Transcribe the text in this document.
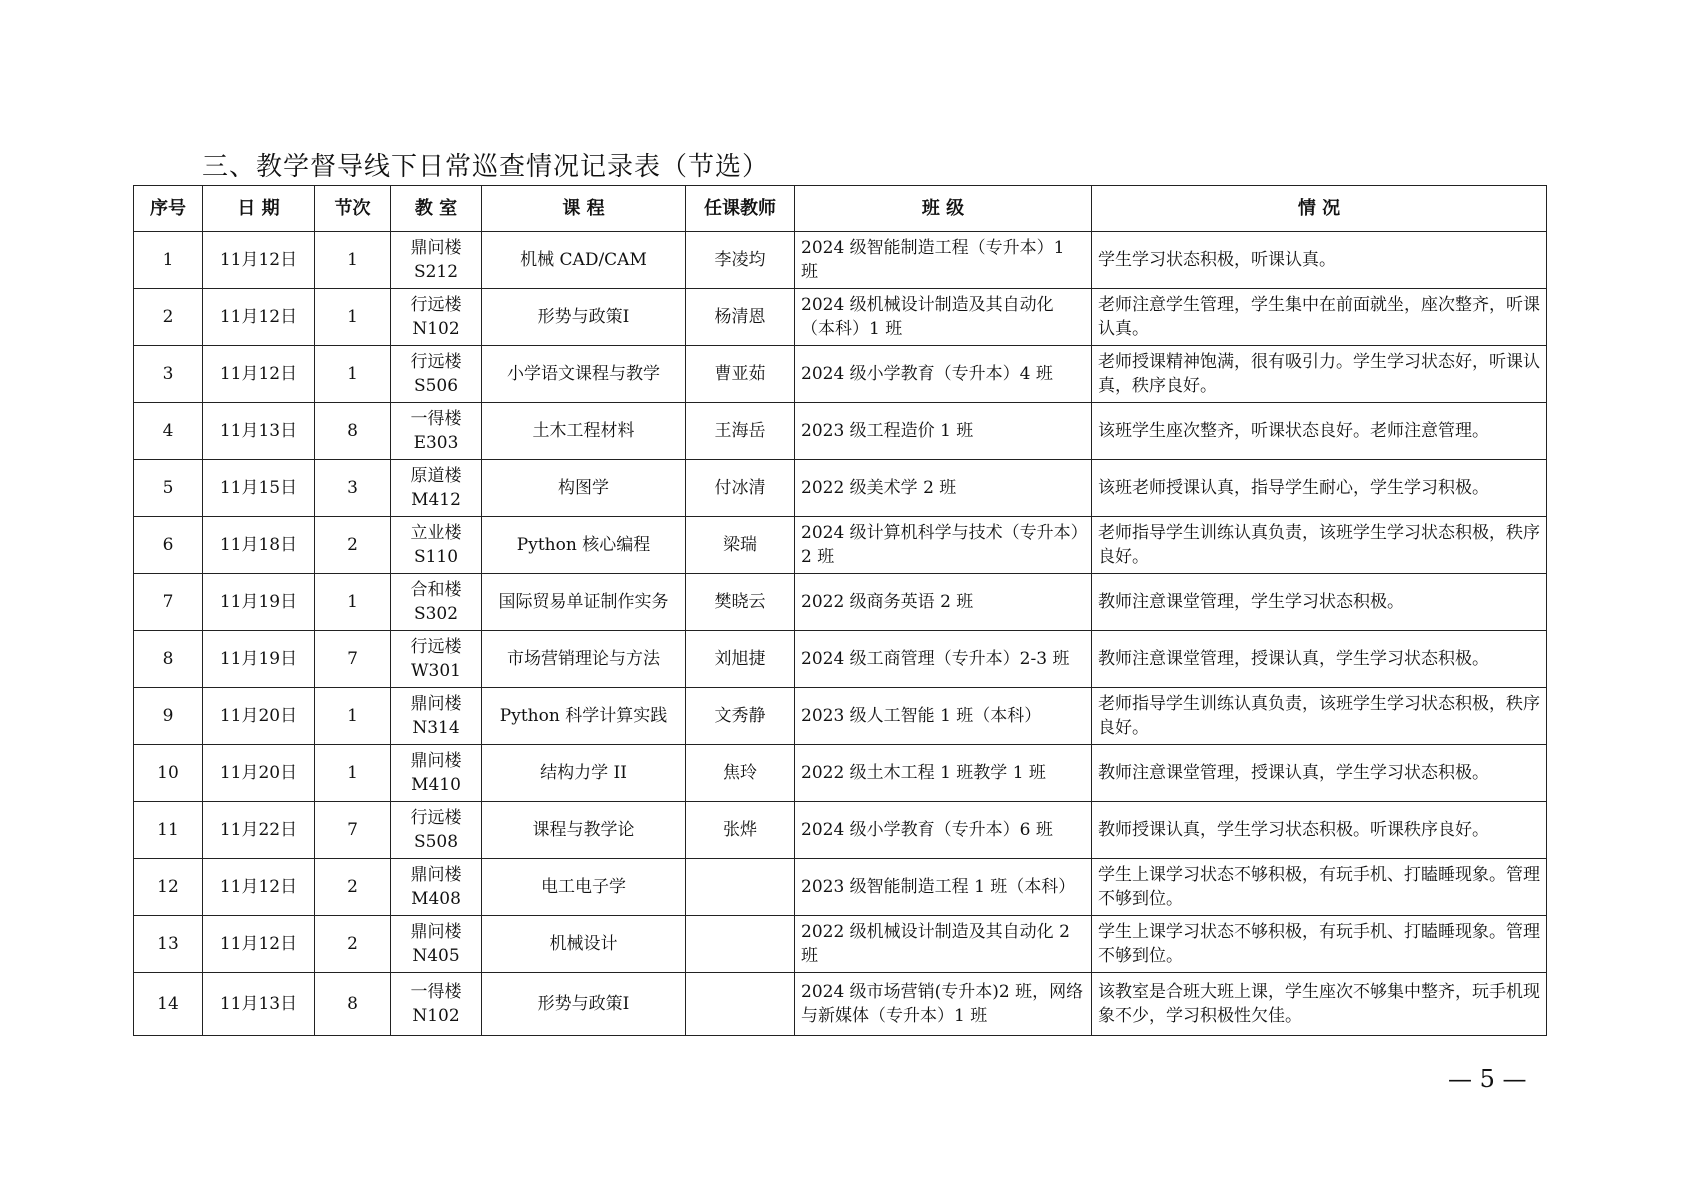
三、教学督导线下日常巡查情况记录表（节选）
序号	日 期	节次	教 室	课 程	任课教师	班 级	情 况
1	11月12日	1	鼎问楼
S212	机械 CAD/CAM	李凌均	2024 级智能制造工程（专升本）1 班	学生学习状态积极，听课认真。
2	11月12日	1	行远楼
N102	形势与政策Ⅰ	杨清恩	2024 级机械设计制造及其自动化（本科）1 班	老师注意学生管理，学生集中在前面就坐，座次整齐，听课认真。
3	11月12日	1	行远楼
S506	小学语文课程与教学	曹亚茹	2024 级小学教育（专升本）4 班	老师授课精神饱满，很有吸引力。学生学习状态好，听课认真，秩序良好。
4	11月13日	8	一得楼
E303	土木工程材料	王海岳	2023 级工程造价 1 班	该班学生座次整齐，听课状态良好。老师注意管理。
5	11月15日	3	原道楼
M412	构图学	付冰清	2022 级美术学 2 班	该班老师授课认真，指导学生耐心，学生学习积极。
6	11月18日	2	立业楼
S110	Python 核心编程	梁瑞	2024 级计算机科学与技术（专升本）2 班	老师指导学生训练认真负责，该班学生学习状态积极，秩序良好。
7	11月19日	1	合和楼
S302	国际贸易单证制作实务	樊晓云	2022 级商务英语 2 班	教师注意课堂管理，学生学习状态积极。
8	11月19日	7	行远楼
W301	市场营销理论与方法	刘旭捷	2024 级工商管理（专升本）2-3 班	教师注意课堂管理，授课认真，学生学习状态积极。
9	11月20日	1	鼎问楼
N314	Python 科学计算实践	文秀静	2023 级人工智能 1 班（本科）	老师指导学生训练认真负责，该班学生学习状态积极，秩序良好。
10	11月20日	1	鼎问楼
M410	结构力学 II	焦玲	2022 级土木工程 1 班教学 1 班	教师注意课堂管理，授课认真，学生学习状态积极。
11	11月22日	7	行远楼
S508	课程与教学论	张烨	2024 级小学教育（专升本）6 班	教师授课认真，学生学习状态积极。听课秩序良好。
12	11月12日	2	鼎问楼
M408	电工电子学		2023 级智能制造工程 1 班（本科）	学生上课学习状态不够积极，有玩手机、打瞌睡现象。管理不够到位。
13	11月12日	2	鼎问楼
N405	机械设计		2022 级机械设计制造及其自动化 2 班	学生上课学习状态不够积极，有玩手机、打瞌睡现象。管理不够到位。
14	11月13日	8	一得楼
N102	形势与政策Ⅰ		2024 级市场营销(专升本)2 班，网络与新媒体（专升本）1 班	该教室是合班大班上课，学生座次不够集中整齐，玩手机现象不少，学习积极性欠佳。
— 5 —
